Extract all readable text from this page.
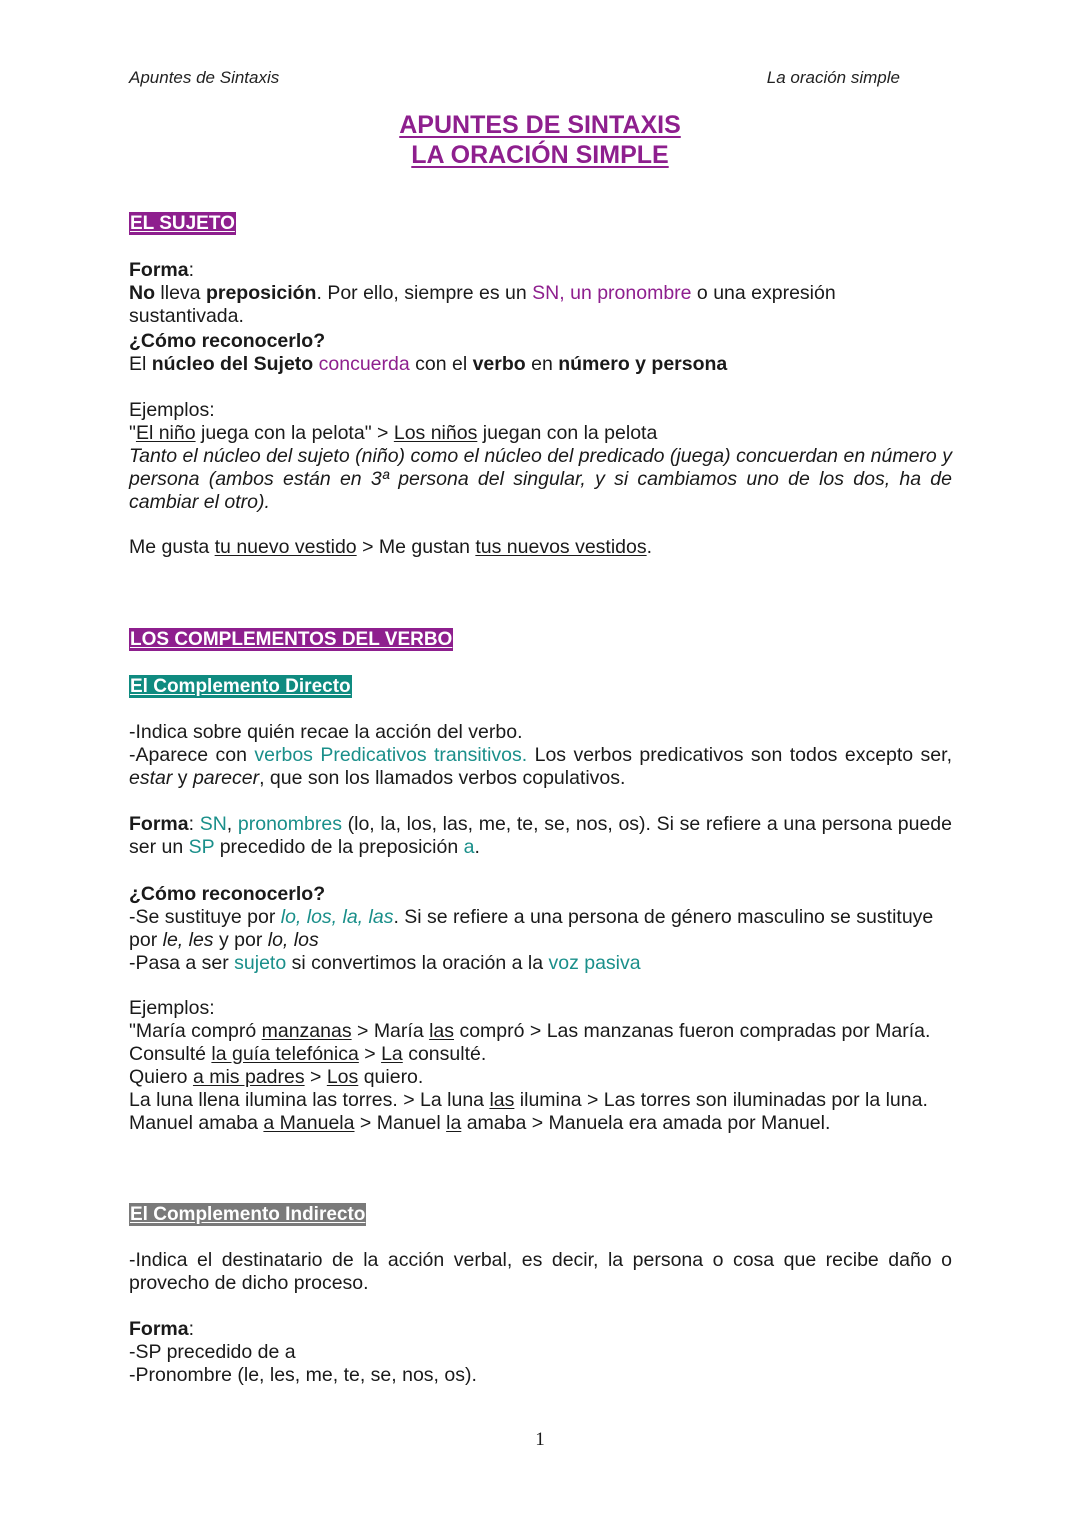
Apuntes de Sintaxis	La oración simple
APUNTES DE SINTAXIS
LA ORACIÓN SIMPLE
EL SUJETO

Forma:

No lleva preposición. Por ello, siempre es un SN, un pronombre o una expresión sustantivada.

¿Cómo reconocerlo?

El núcleo del Sujeto concuerda con el verbo en número y persona

Ejemplos:

"El niño juega con la pelota" > Los niños juegan con la pelota

Tanto el núcleo del sujeto (niño) como el núcleo del predicado (juega) concuerdan en número y persona (ambos están en 3ª persona del singular, y si cambiamos uno de los dos, ha de cambiar el otro).

Me gusta tu nuevo vestido > Me gustan tus nuevos vestidos.

LOS COMPLEMENTOS DEL VERBO
El Complemento Directo

-Indica sobre quién recae la acción del verbo.

-Aparece con verbos Predicativos transitivos. Los verbos predicativos son todos excepto ser, estar y parecer, que son los llamados verbos copulativos.

Forma: SN, pronombres (lo, la, los, las, me, te, se, nos, os). Si se refiere a una persona puede ser un SP precedido de la preposición a.

¿Cómo reconocerlo?

-Se sustituye por lo, los, la, las. Si se refiere a una persona de género masculino se sustituye por le, les y por lo, los

-Pasa a ser sujeto si convertimos la oración a la voz pasiva

Ejemplos:

"María compró manzanas > María las compró > Las manzanas fueron compradas por María.

Consulté la guía telefónica > La consulté.

Quiero a mis padres > Los quiero.

La luna llena ilumina las torres. > La luna las ilumina > Las torres son iluminadas por la luna.

Manuel amaba a Manuela > Manuel la amaba > Manuela era amada por Manuel.

El Complemento Indirecto

-Indica el destinatario de la acción verbal, es decir, la persona o cosa que recibe daño o provecho de dicho proceso.

Forma:

-SP precedido de a

-Pronombre (le, les, me, te, se, nos, os).

1
